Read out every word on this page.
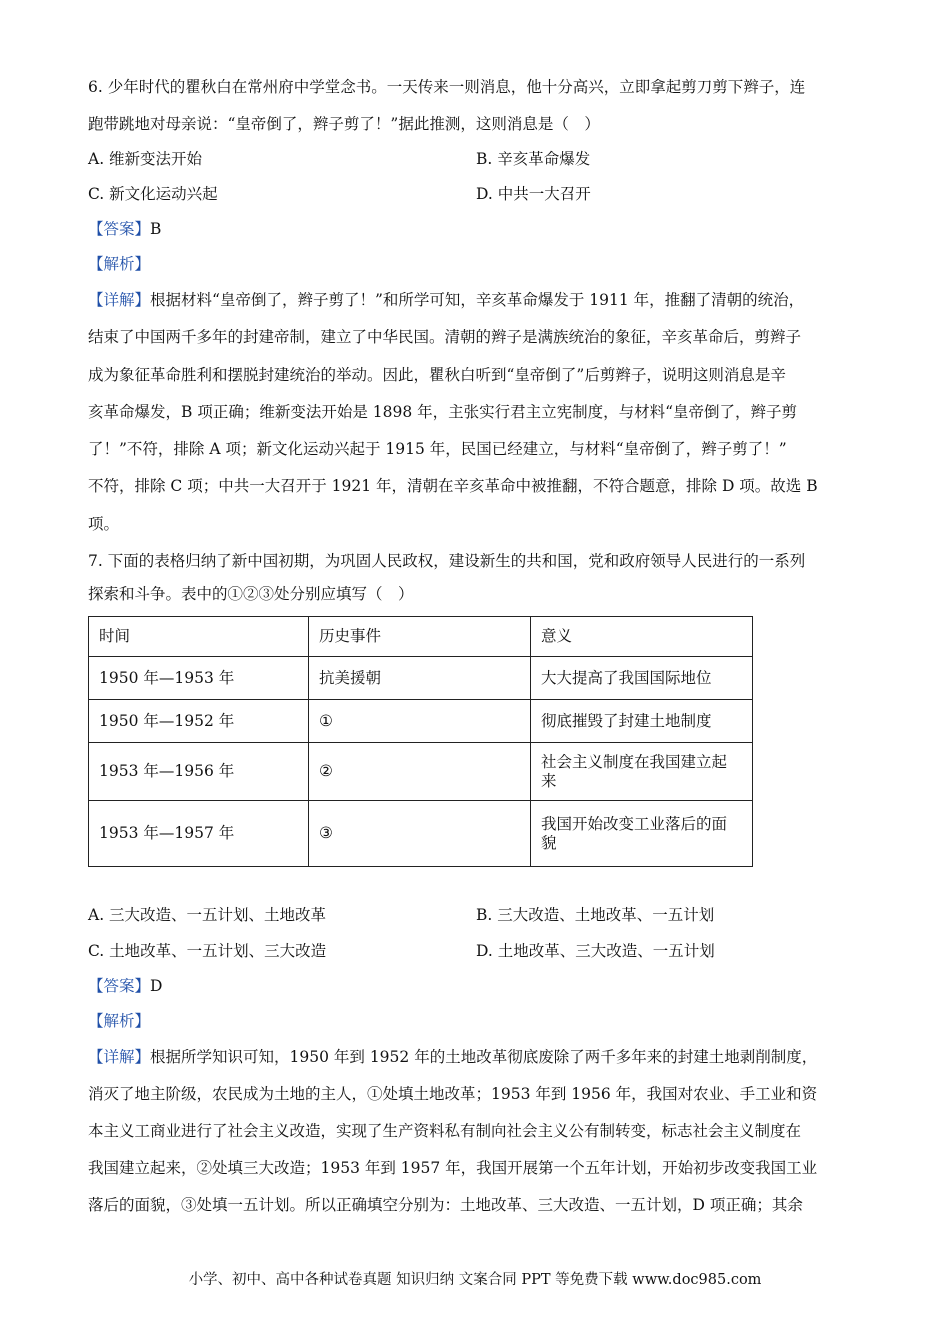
6. 少年时代的瞿秋白在常州府中学堂念书。一天传来一则消息，他十分高兴，立即拿起剪刀剪下辫子，连
跑带跳地对母亲说：“皇帝倒了，辫子剪了！”据此推测，这则消息是（　）
A. 维新变法开始	B. 辛亥革命爆发
C. 新文化运动兴起	D. 中共一大召开
【答案】B
【解析】
【详解】根据材料“皇帝倒了，辫子剪了！”和所学可知，辛亥革命爆发于 1911 年，推翻了清朝的统治，
结束了中国两千多年的封建帝制，建立了中华民国。清朝的辫子是满族统治的象征，辛亥革命后，剪辫子
成为象征革命胜利和摆脱封建统治的举动。因此，瞿秋白听到“皇帝倒了”后剪辫子，说明这则消息是辛
亥革命爆发，B 项正确；维新变法开始是 1898 年，主张实行君主立宪制度，与材料“皇帝倒了，辫子剪
了！”不符，排除 A 项；新文化运动兴起于 1915 年，民国已经建立，与材料“皇帝倒了，辫子剪了！”
不符，排除 C 项；中共一大召开于 1921 年，清朝在辛亥革命中被推翻，不符合题意，排除 D 项。故选 B
项。
7. 下面的表格归纳了新中国初期，为巩固人民政权，建设新生的共和国，党和政府领导人民进行的一系列
探索和斗争。表中的①②③处分别应填写（　）
时间	历史事件	意义
1950 年—1953 年	抗美援朝	大大提高了我国国际地位
1950 年—1952 年	①	彻底摧毁了封建土地制度
1953 年—1956 年	②	社会主义制度在我国建立起来
1953 年—1957 年	③	我国开始改变工业落后的面貌
A. 三大改造、一五计划、土地改革	B. 三大改造、土地改革、一五计划
C. 土地改革、一五计划、三大改造	D. 土地改革、三大改造、一五计划
【答案】D
【解析】
【详解】根据所学知识可知，1950 年到 1952 年的土地改革彻底废除了两千多年来的封建土地剥削制度，
消灭了地主阶级，农民成为土地的主人，①处填土地改革；1953 年到 1956 年，我国对农业、手工业和资
本主义工商业进行了社会主义改造，实现了生产资料私有制向社会主义公有制转变，标志社会主义制度在
我国建立起来，②处填三大改造；1953 年到 1957 年，我国开展第一个五年计划，开始初步改变我国工业
落后的面貌，③处填一五计划。所以正确填空分别为：土地改革、三大改造、一五计划，D 项正确；其余
小学、初中、高中各种试卷真题 知识归纳 文案合同 PPT 等免费下载 www.doc985.com
